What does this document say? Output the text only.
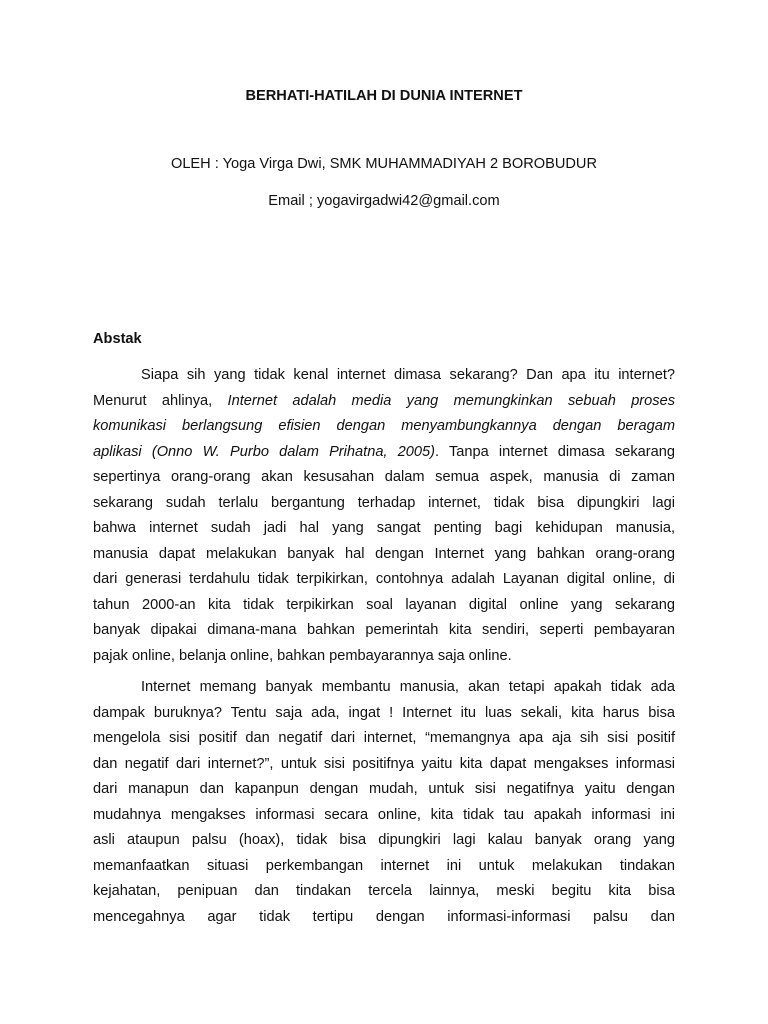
BERHATI-HATILAH DI DUNIA INTERNET
OLEH : Yoga Virga Dwi, SMK MUHAMMADIYAH 2 BOROBUDUR
Email ; yogavirgadwi42@gmail.com
Abstak
Siapa sih yang tidak kenal internet dimasa sekarang? Dan apa itu internet?
Menurut ahlinya, Internet adalah media yang memungkinkan sebuah proses
komunikasi berlangsung efisien dengan menyambungkannya dengan beragam
aplikasi (Onno W. Purbo dalam Prihatna, 2005). Tanpa internet dimasa sekarang
sepertinya orang-orang akan kesusahan dalam semua aspek, manusia di zaman
sekarang sudah terlalu bergantung terhadap internet, tidak bisa dipungkiri lagi
bahwa internet sudah jadi hal yang sangat penting bagi kehidupan manusia,
manusia dapat melakukan banyak hal dengan Internet yang bahkan orang-orang
dari generasi terdahulu tidak terpikirkan, contohnya adalah Layanan digital online, di
tahun 2000-an kita tidak terpikirkan soal layanan digital online yang sekarang
banyak dipakai dimana-mana bahkan pemerintah kita sendiri, seperti pembayaran
pajak online, belanja online, bahkan pembayarannya saja online.
Internet memang banyak membantu manusia, akan tetapi apakah tidak ada
dampak buruknya? Tentu saja ada, ingat ! Internet itu luas sekali, kita harus bisa
mengelola sisi positif dan negatif dari internet, “memangnya apa aja sih sisi positif
dan negatif dari internet?”, untuk sisi positifnya yaitu kita dapat mengakses informasi
dari manapun dan kapanpun dengan mudah, untuk sisi negatifnya yaitu dengan
mudahnya mengakses informasi secara online, kita tidak tau apakah informasi ini
asli ataupun palsu (hoax), tidak bisa dipungkiri lagi kalau banyak orang yang
memanfaatkan situasi perkembangan internet ini untuk melakukan tindakan
kejahatan, penipuan dan tindakan tercela lainnya, meski begitu kita bisa
mencegahnya agar tidak tertipu dengan informasi-informasi palsu dan
